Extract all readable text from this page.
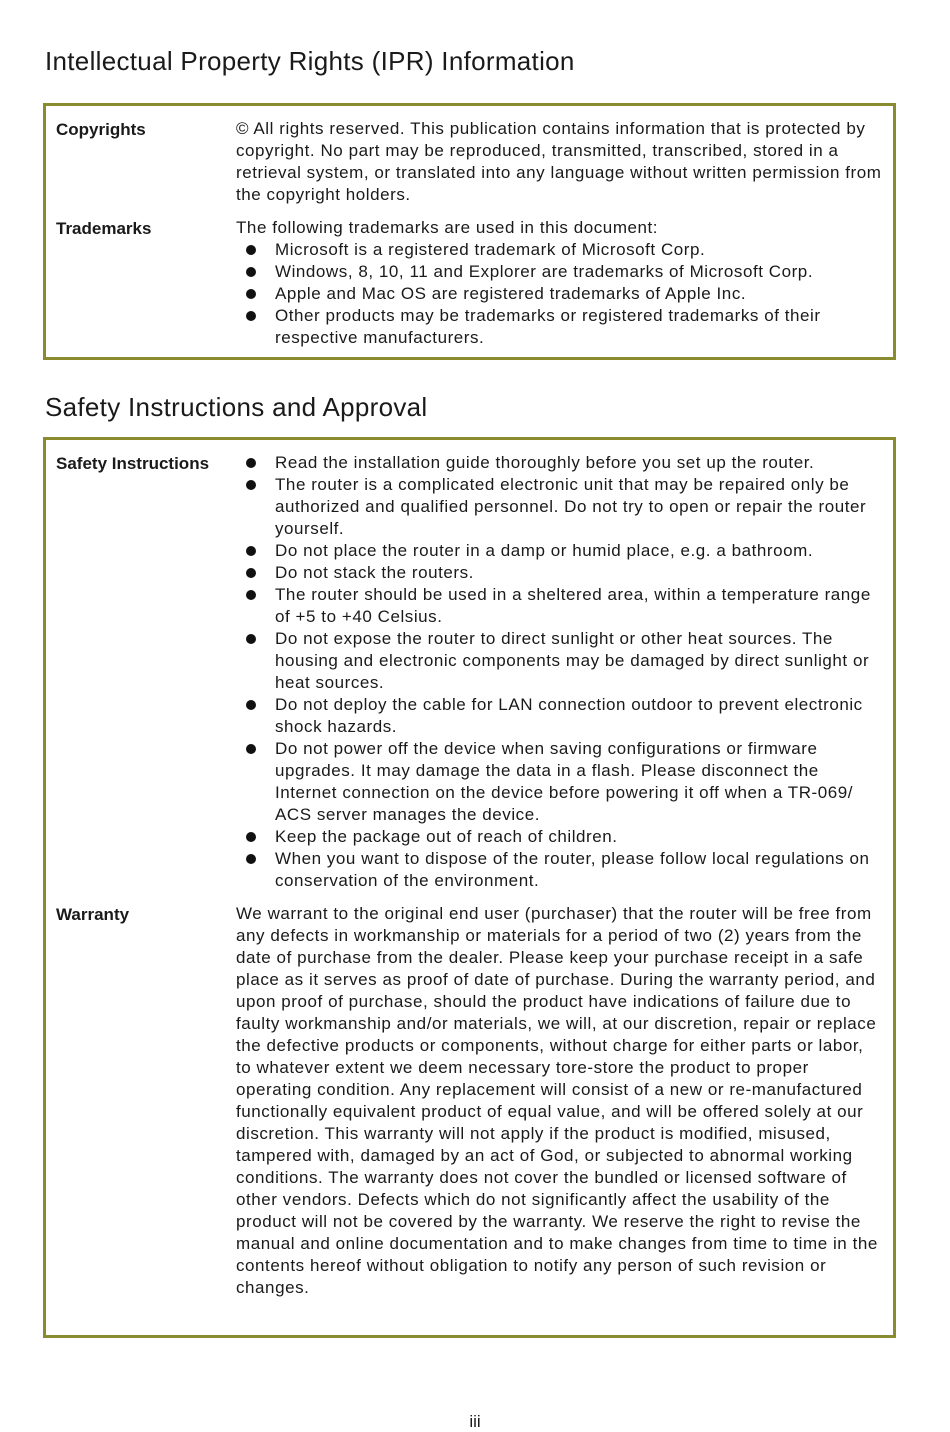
Intellectual Property Rights (IPR) Information
Copyrights	© All rights reserved. This publication contains information that is protected by copyright. No part may be reproduced, transmitted, transcribed, stored in a retrieval system, or translated into any language without written permission from the copyright holders.

Trademarks	The following trademarks are used in this document:

Microsoft is a registered trademark of Microsoft Corp.
Windows, 8, 10, 11 and Explorer are trademarks of Microsoft Corp.
Apple and Mac OS are registered trademarks of Apple Inc.
Other products may be trademarks or registered trademarks of their respective manufacturers.
Safety Instructions and Approval
Safety Instructions	Read the installation guide thoroughly before you set up the router.
The router is a complicated electronic unit that may be repaired only be authorized and qualified personnel. Do not try to open or repair the router yourself.
Do not place the router in a damp or humid place, e.g. a bathroom.
Do not stack the routers.
The router should be used in a sheltered area, within a temperature range of +5 to +40 Celsius.
Do not expose the router to direct sunlight or other heat sources. The housing and electronic components may be damaged by direct sunlight or heat sources.
Do not deploy the cable for LAN connection outdoor to prevent electronic shock hazards.
Do not power off the device when saving configurations or firmware upgrades. It may damage the data in a flash. Please disconnect the Internet connection on the device before powering it off when a TR-069/ ACS server manages the device.
Keep the package out of reach of children.
When you want to dispose of the router, please follow local regulations on conservation of the environment.
Warranty	We warrant to the original end user (purchaser) that the router will be free from any defects in workmanship or materials for a period of two (2) years from the date of purchase from the dealer. Please keep your purchase receipt in a safe place as it serves as proof of date of purchase. During the warranty period, and upon proof of purchase, should the product have indications of failure due to faulty workmanship and/or materials, we will, at our discretion, repair or replace the defective products or components, without charge for either parts or labor, to whatever extent we deem necessary tore-store the product to proper operating condition. Any replacement will consist of a new or re-manufactured functionally equivalent product of equal value, and will be offered solely at our discretion. This warranty will not apply if the product is modified, misused, tampered with, damaged by an act of God, or subjected to abnormal working conditions. The warranty does not cover the bundled or licensed software of other vendors. Defects which do not significantly affect the usability of the product will not be covered by the warranty. We reserve the right to revise the manual and online documentation and to make changes from time to time in the contents hereof without obligation to notify any person of such revision or changes.

iii
